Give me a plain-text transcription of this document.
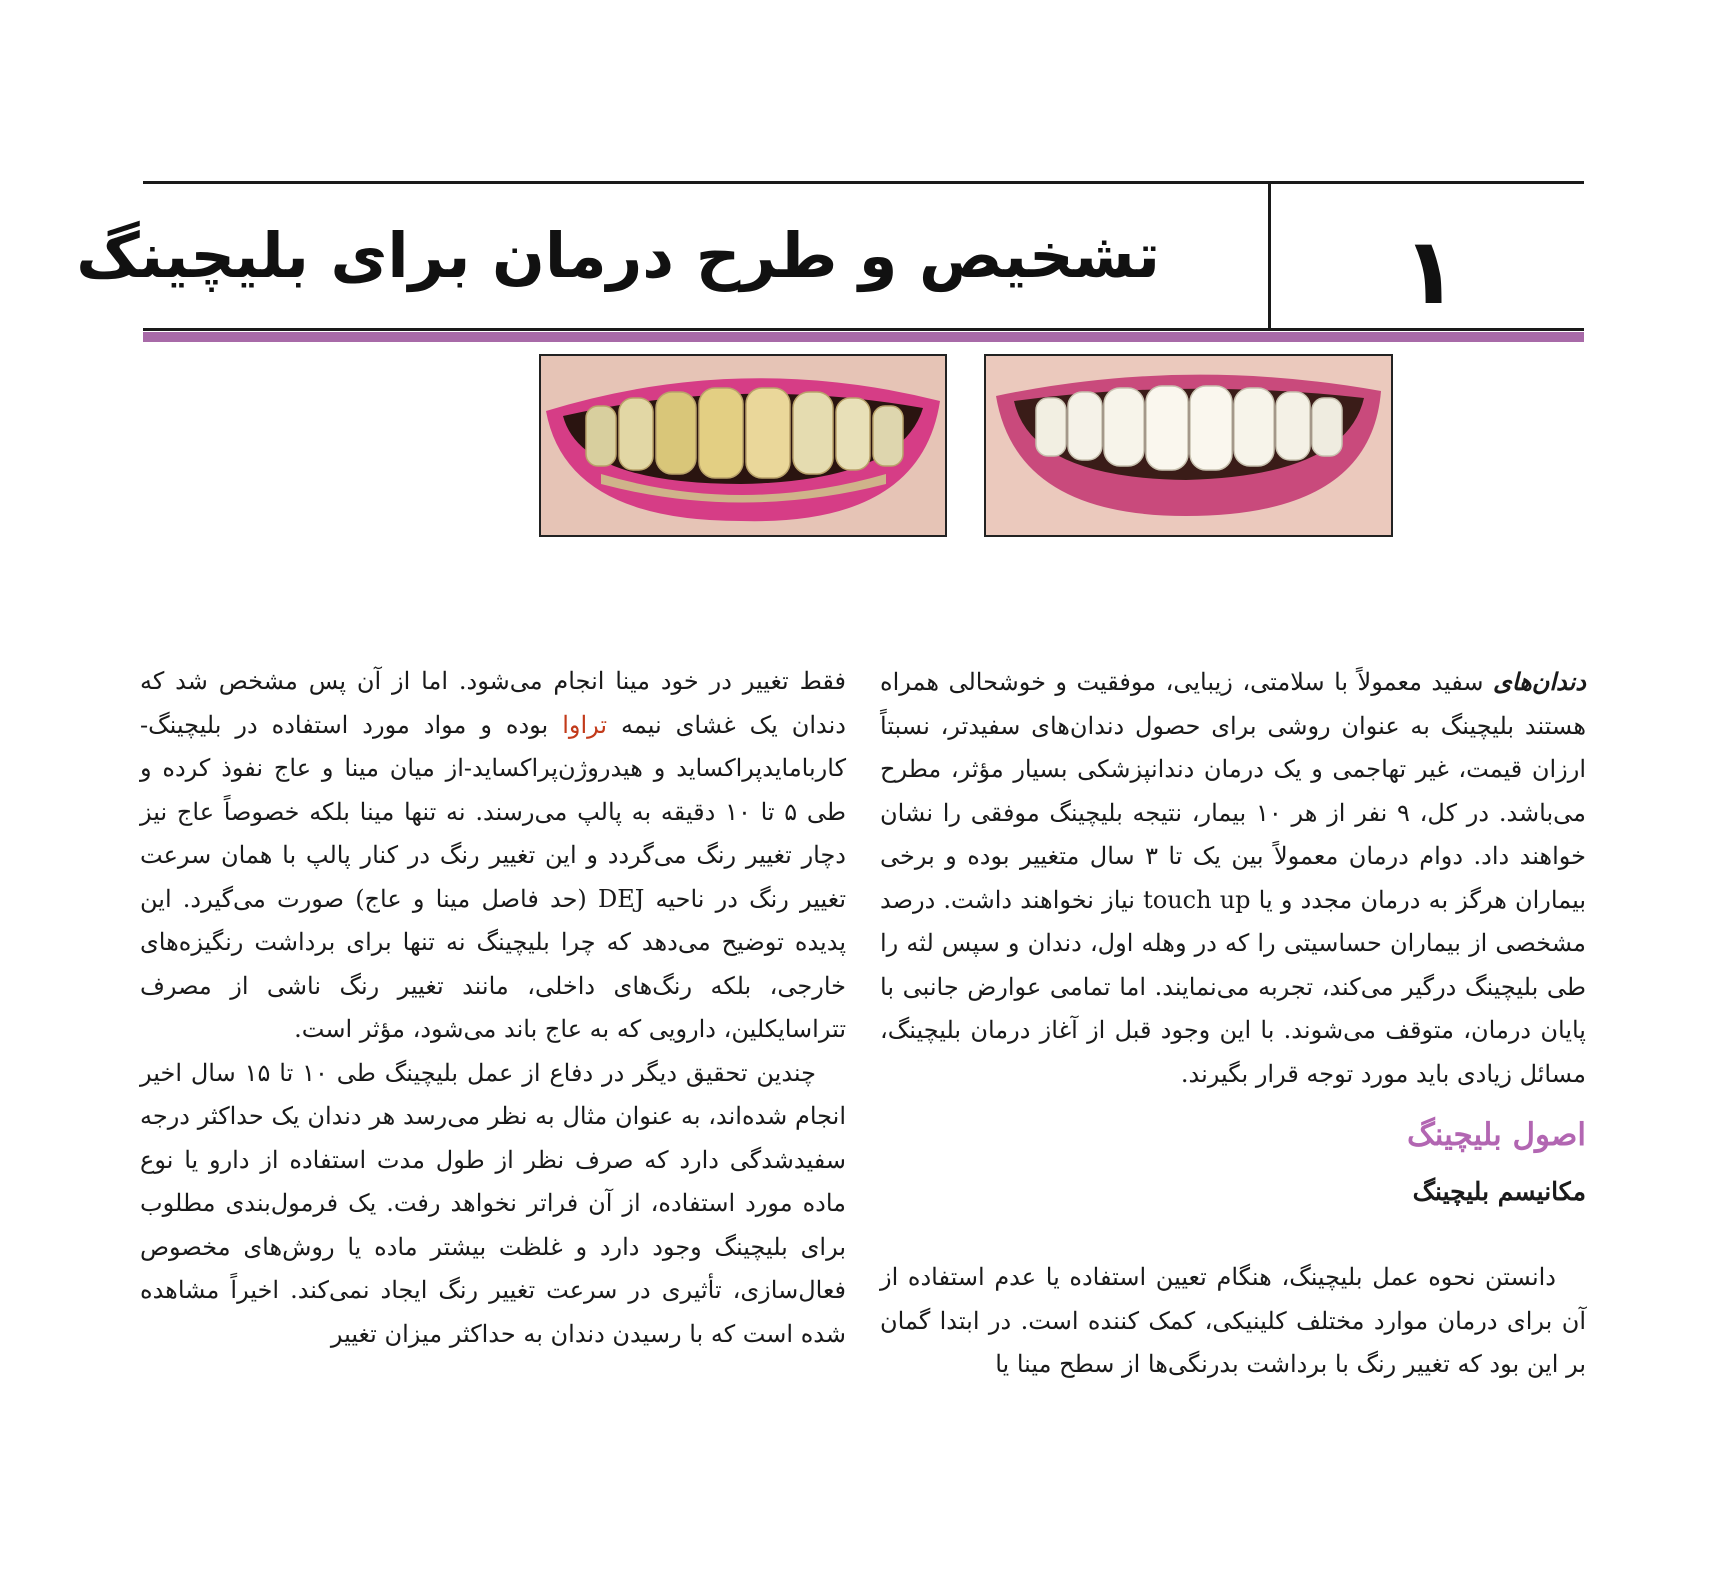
تشخیص و طرح درمان برای بلیچینگ	۱

دندان‌های سفید معمولاً با سلامتی، زیبایی، موفقیت و خوشحالی همراه هستند بلیچینگ به عنوان روشی برای حصول دندان‌های سفیدتر، نسبتاً ارزان قیمت، غیر تهاجمی و یک درمان دندانپزشکی بسیار مؤثر، مطرح می‌باشد. در کل، ۹ نفر از هر ۱۰ بیمار، نتیجه بلیچینگ موفقی را نشان خواهند داد. دوام درمان معمولاً بین یک تا ۳ سال متغییر بوده و برخی بیماران هرگز به درمان مجدد و یا touch up نیاز نخواهند داشت. درصد مشخصی از بیماران حساسیتی را که در وهله اول، دندان و سپس لثه را طی بلیچینگ درگیر می‌کند، تجربه می‌نمایند. اما تمامی عوارض جانبی با پایان درمان، متوقف می‌شوند. با این وجود قبل از آغاز درمان بلیچینگ، مسائل زیادی باید مورد توجه قرار بگیرند.

اصول بلیچینگ
مکانیسم بلیچینگ

دانستن نحوه عمل بلیچینگ، هنگام تعیین استفاده یا عدم استفاده از آن برای درمان موارد مختلف کلینیکی، کمک کننده است. در ابتدا گمان بر این بود که تغییر رنگ با برداشت بدرنگی‌ها از سطح مینا یا

فقط تغییر در خود مینا انجام می‌شود. اما از آن پس مشخص شد که دندان یک غشای نیمه تراوا بوده و مواد مورد استفاده در بلیچینگ- کاربامایدپراکساید و هیدروژن‌پراکساید-از میان مینا و عاج نفوذ کرده و طی ۵ تا ۱۰ دقیقه به پالپ می‌رسند. نه تنها مینا بلکه خصوصاً عاج نیز دچار تغییر رنگ می‌گردد و این تغییر رنگ در کنار پالپ با همان سرعت تغییر رنگ در ناحیه DEJ (حد فاصل مینا و عاج) صورت می‌گیرد. این پدیده توضیح می‌دهد که چرا بلیچینگ نه تنها برای برداشت رنگیزه‌های خارجی، بلکه رنگ‌های داخلی، مانند تغییر رنگ ناشی از مصرف تتراسایکلین، دارویی که به عاج باند می‌شود، مؤثر است.

چندین تحقیق دیگر در دفاع از عمل بلیچینگ طی ۱۰ تا ۱۵ سال اخیر انجام شده‌اند، به عنوان مثال به نظر می‌رسد هر دندان یک حداکثر درجه سفیدشدگی دارد که صرف نظر از طول مدت استفاده از دارو یا نوع ماده مورد استفاده، از آن فراتر نخواهد رفت. یک فرمول‌بندی مطلوب برای بلیچینگ وجود دارد و غلظت بیشتر ماده یا روش‌های مخصوص فعال‌سازی، تأثیری در سرعت تغییر رنگ ایجاد نمی‌کند. اخیراً مشاهده شده است که با رسیدن دندان به حداکثر میزان تغییر
